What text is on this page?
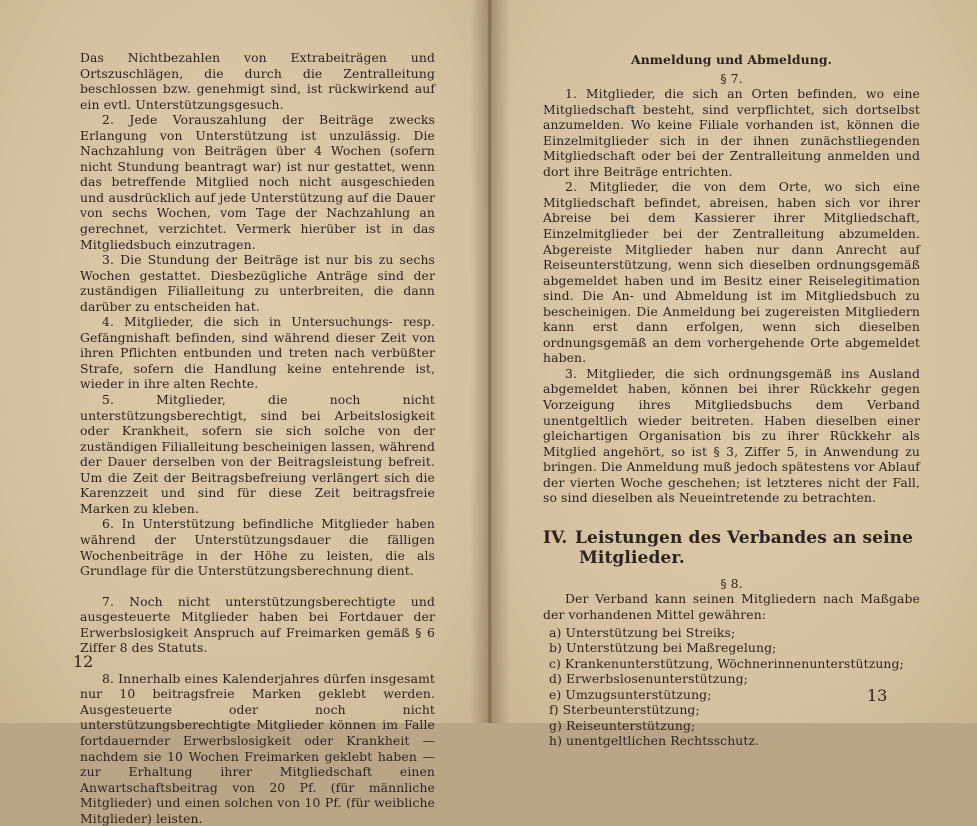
Das Nichtbezahlen von Extrabeiträgen und Ortszuschlägen, die durch die Zentralleitung beschlossen bzw. genehmigt sind, ist rückwirkend auf ein evtl. Unterstützungsgesuch.

2. Jede Vorauszahlung der Beiträge zwecks Erlangung von Unterstützung ist unzulässig. Die Nachzahlung von Beiträgen über 4 Wochen (sofern nicht Stundung beantragt war) ist nur gestattet, wenn das betreffende Mitglied noch nicht ausgeschieden und ausdrücklich auf jede Unterstützung auf die Dauer von sechs Wochen, vom Tage der Nachzahlung an gerechnet, verzichtet. Vermerk hierüber ist in das Mitgliedsbuch einzutragen.

3. Die Stundung der Beiträge ist nur bis zu sechs Wochen gestattet. Diesbezügliche Anträge sind der zuständigen Filialleitung zu unterbreiten, die dann darüber zu entscheiden hat.

4. Mitglieder, die sich in Untersuchungs- resp. Gefängnishaft befinden, sind während dieser Zeit von ihren Pflichten entbunden und treten nach verbüßter Strafe, sofern die Handlung keine entehrende ist, wieder in ihre alten Rechte.

5. Mitglieder, die noch nicht unterstützungsberechtigt, sind bei Arbeitslosigkeit oder Krankheit, sofern sie sich solche von der zuständigen Filialleitung bescheinigen lassen, während der Dauer derselben von der Beitragsleistung befreit. Um die Zeit der Beitragsbefreiung verlängert sich die Karenzzeit und sind für diese Zeit beitragsfreie Marken zu kleben.

6. In Unterstützung befindliche Mitglieder haben während der Unterstützungsdauer die fälligen Wochenbeiträge in der Höhe zu leisten, die als Grundlage für die Unterstützungsberechnung dient.

7. Noch nicht unterstützungsberechtigte und ausgesteuerte Mitglieder haben bei Fortdauer der Erwerbslosigkeit Anspruch auf Freimarken gemäß § 6 Ziffer 8 des Statuts.

8. Innerhalb eines Kalenderjahres dürfen insgesamt nur 10 beitragsfreie Marken geklebt werden. Ausgesteuerte oder noch nicht unterstützungsberechtigte Mitglieder können im Falle fortdauernder Erwerbslosigkeit oder Krankheit — nachdem sie 10 Wochen Freimarken geklebt haben — zur Erhaltung ihrer Mitgliedschaft einen Anwartschaftsbeitrag von 20 Pf. (für männliche Mitglieder) und einen solchen von 10 Pf. (für weibliche Mitglieder) leisten.

12

Anmeldung und Abmeldung.

§ 7.

1. Mitglieder, die sich an Orten befinden, wo eine Mitgliedschaft besteht, sind verpflichtet, sich dortselbst anzumelden. Wo keine Filiale vorhanden ist, können die Einzelmitglieder sich in der ihnen zunächstliegenden Mitgliedschaft oder bei der Zentralleitung anmelden und dort ihre Beiträge entrichten.

2. Mitglieder, die von dem Orte, wo sich eine Mitgliedschaft befindet, abreisen, haben sich vor ihrer Abreise bei dem Kassierer ihrer Mitgliedschaft, Einzelmitglieder bei der Zentralleitung abzumelden. Abgereiste Mitglieder haben nur dann Anrecht auf Reiseunterstützung, wenn sich dieselben ordnungsgemäß abgemeldet haben und im Besitz einer Reiselegitimation sind. Die An- und Abmeldung ist im Mitgliedsbuch zu bescheinigen. Die Anmeldung bei zugereisten Mitgliedern kann erst dann erfolgen, wenn sich dieselben ordnungsgemäß an dem vorhergehende Orte abgemeldet haben.

3. Mitglieder, die sich ordnungsgemäß ins Ausland abgemeldet haben, können bei ihrer Rückkehr gegen Vorzeigung ihres Mitgliedsbuchs dem Verband unentgeltlich wieder beitreten. Haben dieselben einer gleichartigen Organisation bis zu ihrer Rückkehr als Mitglied angehört, so ist § 3, Ziffer 5, in Anwendung zu bringen. Die Anmeldung muß jedoch spätestens vor Ablauf der vierten Woche geschehen; ist letzteres nicht der Fall, so sind dieselben als Neueintretende zu betrachten.

IV. Leistungen des Verbandes an seine
Mitglieder.

§ 8.

Der Verband kann seinen Mitgliedern nach Maßgabe der vorhandenen Mittel gewähren:

a) Unterstützung bei Streiks;
b) Unterstützung bei Maßregelung;
c) Krankenunterstützung, Wöchnerinnenunterstützung;
d) Erwerbslosenunterstützung;
e) Umzugsunterstützung;
f) Sterbeunterstützung;
g) Reiseunterstützung;
h) unentgeltlichen Rechtsschutz.
13
